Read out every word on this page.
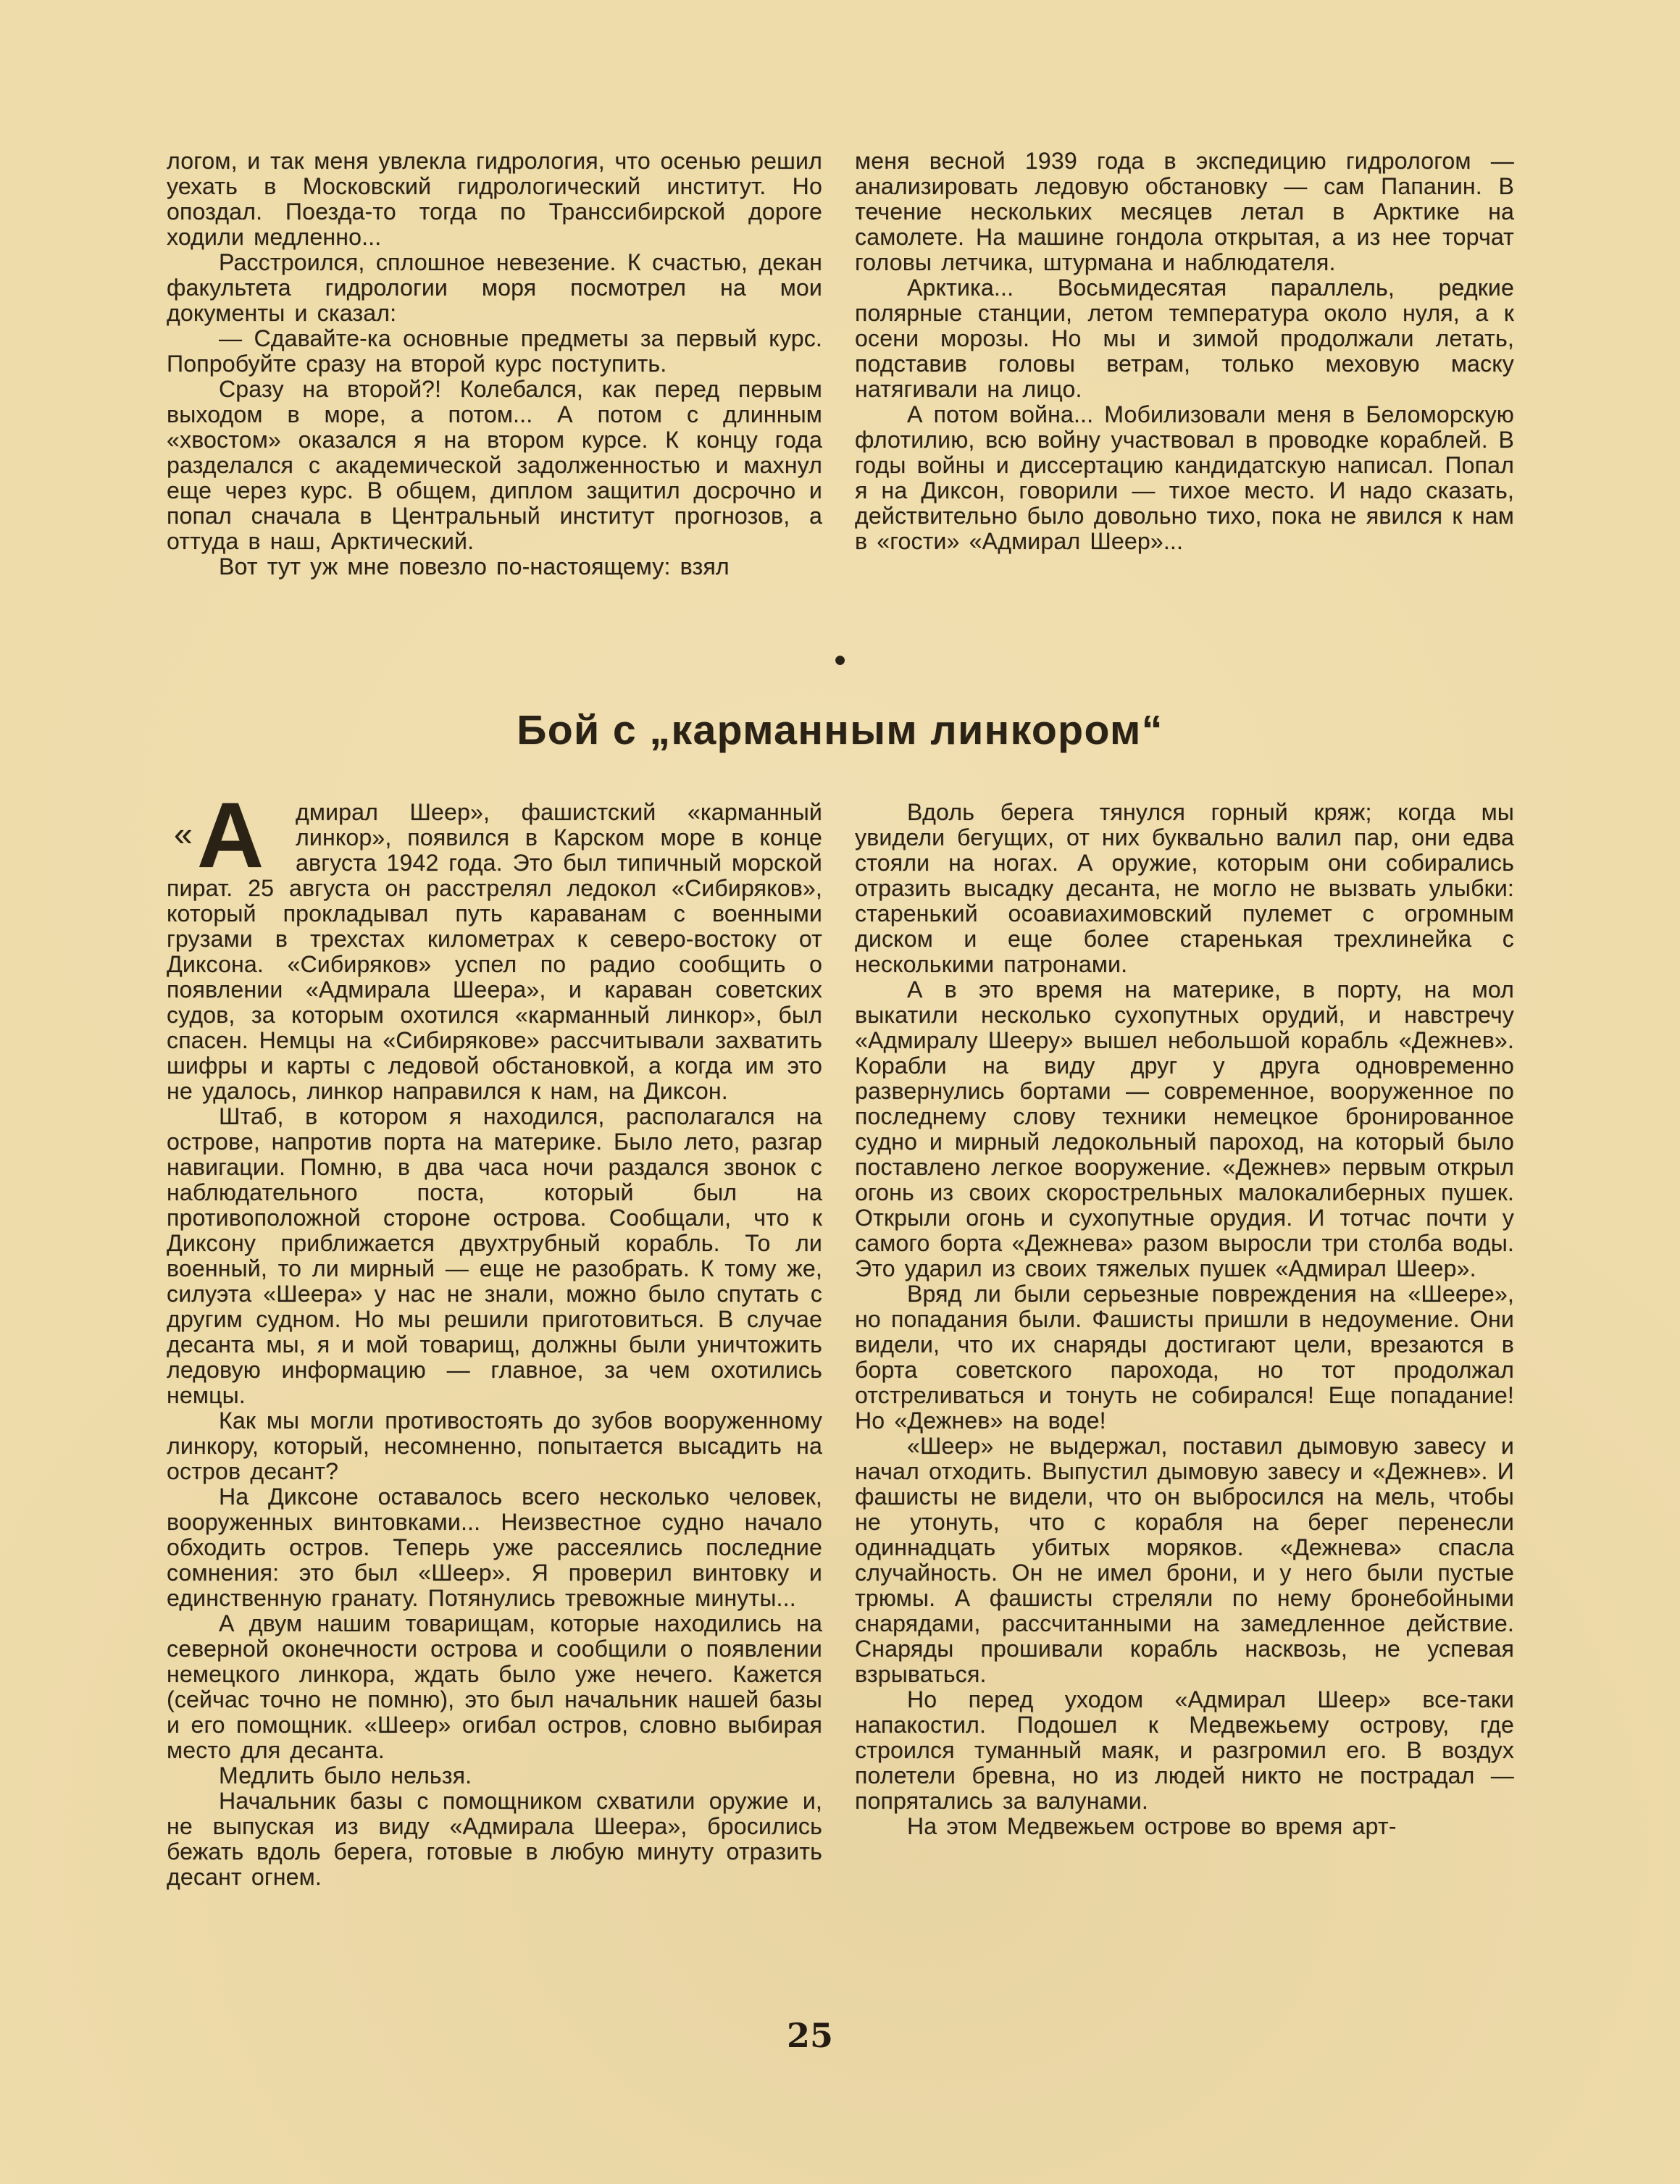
логом, и так меня увлекла гидрология, что осенью решил уехать в Московский гидрологический институт. Но опоздал. Поезда-то тогда по Транссибирской дороге ходили медленно...

Расстроился, сплошное невезение. К счастью, декан факультета гидрологии моря посмотрел на мои документы и сказал:

— Сдавайте-ка основные предметы за первый курс. Попробуйте сразу на второй курс поступить.

Сразу на второй?! Колебался, как перед первым выходом в море, а потом... А потом с длинным «хвостом» оказался я на втором курсе. К концу года разделался с академической задолженностью и махнул еще через курс. В общем, диплом защитил досрочно и попал сначала в Центральный институт прогнозов, а оттуда в наш, Арктический.

Вот тут уж мне повезло по-настоящему: взял

меня весной 1939 года в экспедицию гидрологом — анализировать ледовую обстановку — сам Папанин. В течение нескольких месяцев летал в Арктике на самолете. На машине гондола открытая, а из нее торчат головы летчика, штурмана и наблюдателя.

Арктика... Восьмидесятая параллель, редкие полярные станции, летом температура около нуля, а к осени морозы. Но мы и зимой продолжали летать, подставив головы ветрам, только меховую маску натягивали на лицо.

А потом война... Мобилизовали меня в Беломорскую флотилию, всю войну участвовал в проводке кораблей. В годы войны и диссертацию кандидатскую написал. Попал я на Диксон, говорили — тихое место. И надо сказать, действительно было довольно тихо, пока не явился к нам в «гости» «Адмирал Шеер»...

●
Бой с „карманным линкором“

« А дмирал Шеер», фашистский «карманный линкор», появился в Карском море в конце августа 1942 года. Это был типичный морской пират. 25 августа он расстрелял ледокол «Сибиряков», который прокладывал путь караванам с военными грузами в трехстах километрах к северо-востоку от Диксона. «Сибиряков» успел по радио сообщить о появлении «Адмирала Шеера», и караван советских судов, за которым охотился «карманный линкор», был спасен. Немцы на «Сибирякове» рассчитывали захватить шифры и карты с ледовой обстановкой, а когда им это не удалось, линкор направился к нам, на Диксон.

Штаб, в котором я находился, располагался на острове, напротив порта на материке. Было лето, разгар навигации. Помню, в два часа ночи раздался звонок с наблюдательного поста, который был на противоположной стороне острова. Сообщали, что к Диксону приближается двухтрубный корабль. То ли военный, то ли мирный — еще не разобрать. К тому же, силуэта «Шеера» у нас не знали, можно было спутать с другим судном. Но мы решили приготовиться. В случае десанта мы, я и мой товарищ, должны были уничтожить ледовую информацию — главное, за чем охотились немцы.

Как мы могли противостоять до зубов вооруженному линкору, который, несомненно, попытается высадить на остров десант?

На Диксоне оставалось всего несколько человек, вооруженных винтовками... Неизвестное судно начало обходить остров. Теперь уже рассеялись последние сомнения: это был «Шеер». Я проверил винтовку и единственную гранату. Потянулись тревожные минуты...

А двум нашим товарищам, которые находились на северной оконечности острова и сообщили о появлении немецкого линкора, ждать было уже нечего. Кажется (сейчас точно не помню), это был начальник нашей базы и его помощник. «Шеер» огибал остров, словно выбирая место для десанта.

Медлить было нельзя.

Начальник базы с помощником схватили оружие и, не выпуская из виду «Адмирала Шеера», бросились бежать вдоль берега, готовые в любую минуту отразить десант огнем.

Вдоль берега тянулся горный кряж; когда мы увидели бегущих, от них буквально валил пар, они едва стояли на ногах. А оружие, которым они собирались отразить высадку десанта, не могло не вызвать улыбки: старенький осоавиахимовский пулемет с огромным диском и еще более старенькая трехлинейка с несколькими патронами.

А в это время на материке, в порту, на мол выкатили несколько сухопутных орудий, и навстречу «Адмиралу Шееру» вышел небольшой корабль «Дежнев». Корабли на виду друг у друга одновременно развернулись бортами — современное, вооруженное по последнему слову техники немецкое бронированное судно и мирный ледокольный пароход, на который было поставлено легкое вооружение. «Дежнев» первым открыл огонь из своих скорострельных малокалиберных пушек. Открыли огонь и сухопутные орудия. И тотчас почти у самого борта «Дежнева» разом выросли три столба воды. Это ударил из своих тяжелых пушек «Адмирал Шеер».

Вряд ли были серьезные повреждения на «Шеере», но попадания были. Фашисты пришли в недоумение. Они видели, что их снаряды достигают цели, врезаются в борта советского парохода, но тот продолжал отстреливаться и тонуть не собирался! Еще попадание! Но «Дежнев» на воде!

«Шеер» не выдержал, поставил дымовую завесу и начал отходить. Выпустил дымовую завесу и «Дежнев». И фашисты не видели, что он выбросился на мель, чтобы не утонуть, что с корабля на берег перенесли одиннадцать убитых моряков. «Дежнева» спасла случайность. Он не имел брони, и у него были пустые трюмы. А фашисты стреляли по нему бронебойными снарядами, рассчитанными на замедленное действие. Снаряды прошивали корабль насквозь, не успевая взрываться.

Но перед уходом «Адмирал Шеер» все-таки напакостил. Подошел к Медвежьему острову, где строился туманный маяк, и разгромил его. В воздух полетели бревна, но из людей никто не пострадал — попрятались за валунами.

На этом Медвежьем острове во время арт-

25
